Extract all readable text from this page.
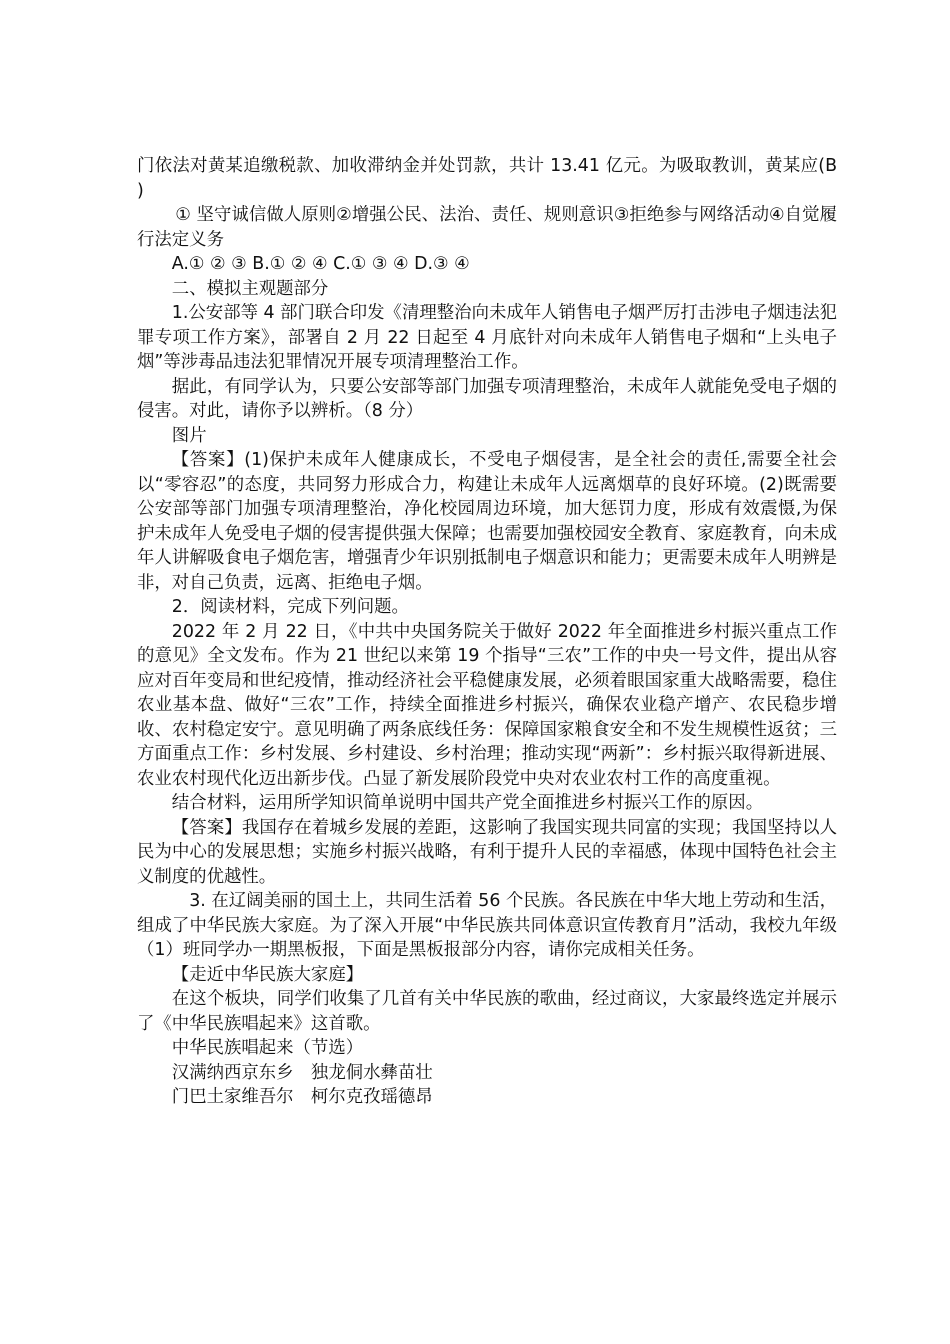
门依法对黄某追缴税款、加收滞纳金并处罚款，共计 13.41 亿元。为吸取教训，黄某应(B )

① 坚守诚信做人原则②增强公民、法治、责任、规则意识③拒绝参与网络活动④自觉履行法定义务

A.① ② ③ B.① ② ④ C.① ③ ④ D.③ ④

二、模拟主观题部分

1.公安部等 4 部门联合印发《清理整治向未成年人销售电子烟严厉打击涉电子烟违法犯罪专项工作方案》，部署自 2 月 22 日起至 4 月底针对向未成年人销售电子烟和“上头电子烟”等涉毒品违法犯罪情况开展专项清理整治工作。

据此，有同学认为，只要公安部等部门加强专项清理整治，未成年人就能免受电子烟的侵害。对此，请你予以辨析。（8 分）

图片

【答案】(1)保护未成年人健康成长，不受电子烟侵害，是全社会的责任,需要全社会以“零容忍”的态度，共同努力形成合力，构建让未成年人远离烟草的良好环境。(2)既需要公安部等部门加强专项清理整治，净化校园周边环境，加大惩罚力度，形成有效震慑,为保护未成年人免受电子烟的侵害提供强大保障；也需要加强校园安全教育、家庭教育，向未成年人讲解吸食电子烟危害，增强青少年识别抵制电子烟意识和能力；更需要未成年人明辨是非，对自己负责，远离、拒绝电子烟。

2．阅读材料，完成下列问题。

2022 年 2 月 22 日，《中共中央国务院关于做好 2022 年全面推进乡村振兴重点工作的意见》全文发布。作为 21 世纪以来第 19 个指导“三农”工作的中央一号文件，提出从容应对百年变局和世纪疫情，推动经济社会平稳健康发展，必须着眼国家重大战略需要，稳住农业基本盘、做好“三农”工作，持续全面推进乡村振兴，确保农业稳产增产、农民稳步增收、农村稳定安宁。意见明确了两条底线任务：保障国家粮食安全和不发生规模性返贫；三方面重点工作：乡村发展、乡村建设、乡村治理；推动实现“两新”：乡村振兴取得新进展、农业农村现代化迈出新步伐。凸显了新发展阶段党中央对农业农村工作的高度重视。

结合材料，运用所学知识简单说明中国共产党全面推进乡村振兴工作的原因。

【答案】我国存在着城乡发展的差距，这影响了我国实现共同富的实现；我国坚持以人民为中心的发展思想；实施乡村振兴战略，有利于提升人民的幸福感，体现中国特色社会主义制度的优越性。

3. 在辽阔美丽的国土上，共同生活着 56 个民族。各民族在中华大地上劳动和生活，组成了中华民族大家庭。为了深入开展“中华民族共同体意识宣传教育月”活动，我校九年级（1）班同学办一期黑板报，下面是黑板报部分内容，请你完成相关任务。

【走近中华民族大家庭】

在这个板块，同学们收集了几首有关中华民族的歌曲，经过商议，大家最终选定并展示了《中华民族唱起来》这首歌。

中华民族唱起来（节选）

汉满纳西京东乡　独龙侗水彝苗壮

门巴土家维吾尔　柯尔克孜瑶德昂
